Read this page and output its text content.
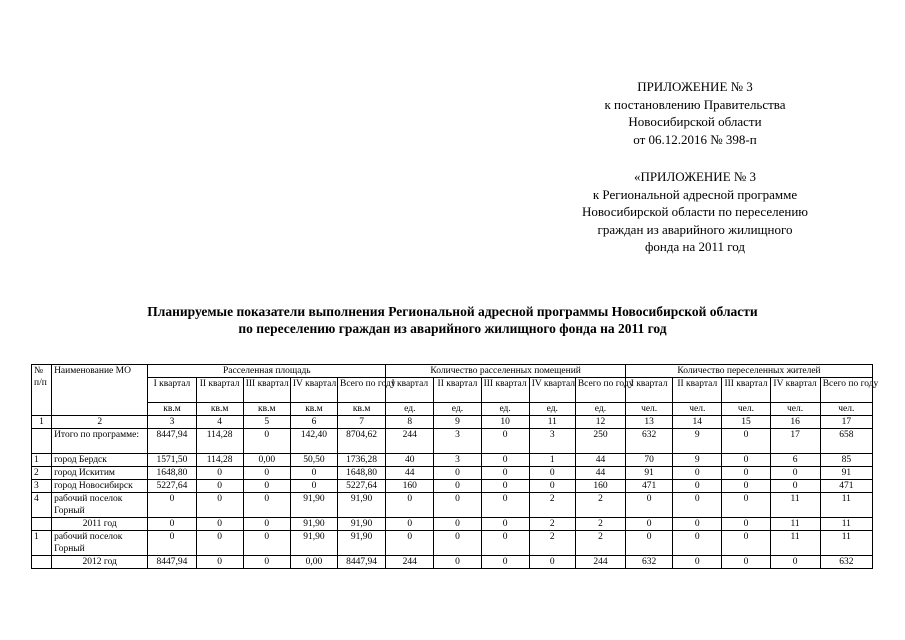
ПРИЛОЖЕНИЕ № 3
к постановлению Правительства
Новосибирской области
от 06.12.2016 № 398-п
«ПРИЛОЖЕНИЕ № 3
к Региональной адресной программе
Новосибирской области по переселению
граждан из аварийного жилищного
фонда на 2011 год
Планируемые показатели выполнения Региональной адресной программы Новосибирской области
по переселению граждан из аварийного жилищного фонда на 2011 год
№ п/п	Наименование МО	Расселенная площадь					Количество расселенных помещений					Количество переселенных жителей				
		I квартал	II квартал	III квартал	IV квартал	Всего по году	I квартал	II квартал	III квартал	IV квартал	Всего по году	I квартал	II квартал	III квартал	IV квартал	Всего по году
		кв.м	кв.м	кв.м	кв.м	кв.м	ед.	ед.	ед.	ед.	ед.	чел.	чел.	чел.	чел.	чел.
1	2	3	4	5	6	7	8	9	10	11	12	13	14	15	16	17
	Итого по программе:	8447,94	114,28	0	142,40	8704,62	244	3	0	3	250	632	9	0	17	658
1	город Бердск	1571,50	114,28	0,00	50,50	1736,28	40	3	0	1	44	70	9	0	6	85
2	город Искитим	1648,80	0	0	0	1648,80	44	0	0	0	44	91	0	0	0	91
3	город Новосибирск	5227,64	0	0	0	5227,64	160	0	0	0	160	471	0	0	0	471
4	рабочий поселок Горный	0	0	0	91,90	91,90	0	0	0	2	2	0	0	0	11	11
	2011 год	0	0	0	91,90	91,90	0	0	0	2	2	0	0	0	11	11
1	рабочий поселок Горный	0	0	0	91,90	91,90	0	0	0	2	2	0	0	0	11	11
	2012 год	8447,94	0	0	0,00	8447,94	244	0	0	0	244	632	0	0	0	632
